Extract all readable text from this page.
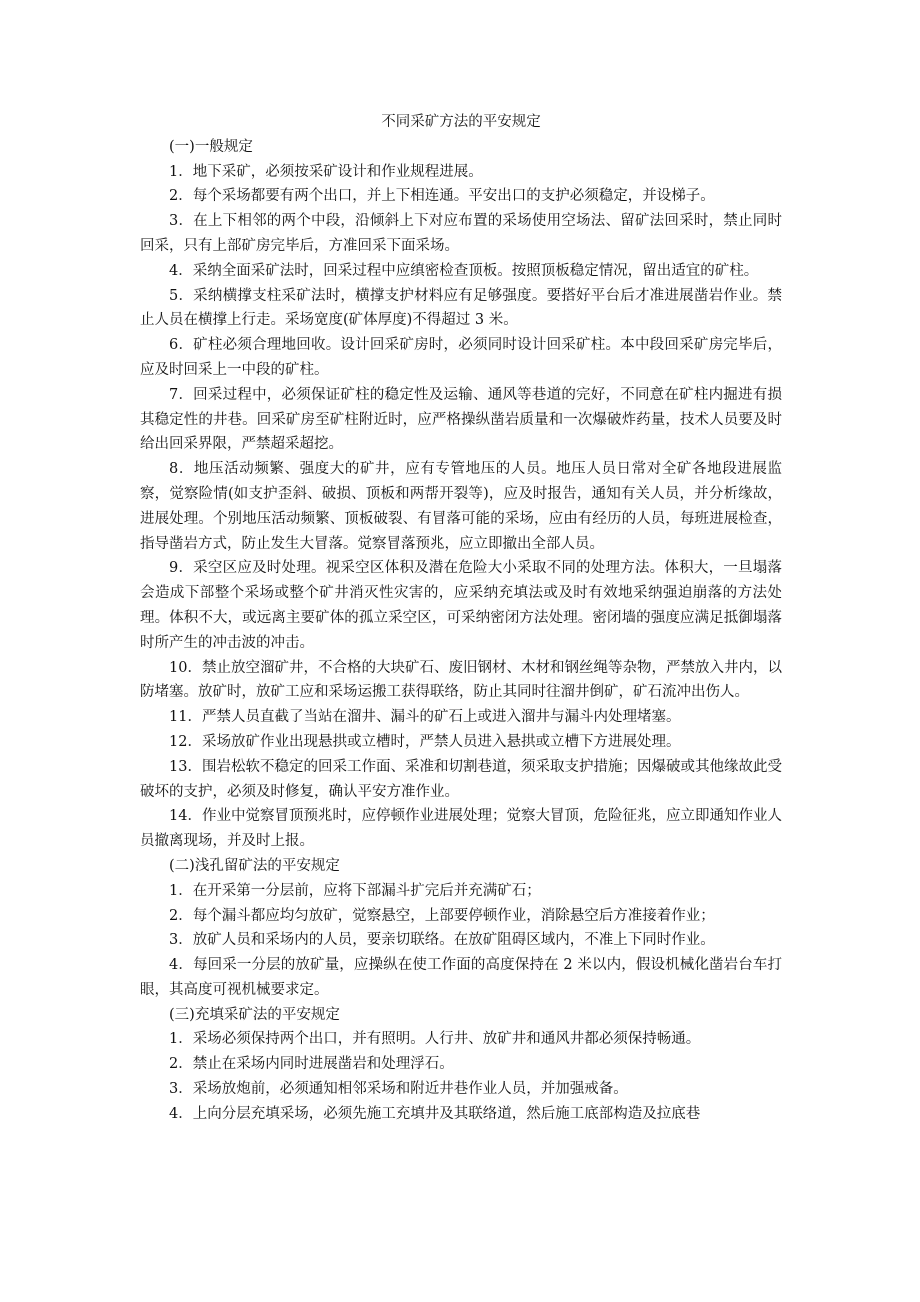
不同采矿方法的平安规定

(一)一般规定

1．地下采矿，必须按采矿设计和作业规程进展。

2．每个采场都要有两个出口，并上下相连通。平安出口的支护必须稳定，并设梯子。

3．在上下相邻的两个中段，沿倾斜上下对应布置的采场使用空场法、留矿法回采时，禁止同时回采，只有上部矿房完毕后，方准回采下面采场。

4．采纳全面采矿法时，回采过程中应缜密检查顶板。按照顶板稳定情况，留出适宜的矿柱。

5．采纳横撑支柱采矿法时，横撑支护材料应有足够强度。要搭好平台后才准进展凿岩作业。禁止人员在横撑上行走。采场宽度(矿体厚度)不得超过 3 米。

6．矿柱必须合理地回收。设计回采矿房时，必须同时设计回采矿柱。本中段回采矿房完毕后，应及时回采上一中段的矿柱。

7．回采过程中，必须保证矿柱的稳定性及运输、通风等巷道的完好，不同意在矿柱内掘进有损其稳定性的井巷。回采矿房至矿柱附近时，应严格操纵凿岩质量和一次爆破炸药量，技术人员要及时给出回采界限，严禁超采超挖。

8．地压活动频繁、强度大的矿井，应有专管地压的人员。地压人员日常对全矿各地段进展监察，觉察险情(如支护歪斜、破损、顶板和两帮开裂等)，应及时报告，通知有关人员，并分析缘故，进展处理。个别地压活动频繁、顶板破裂、有冒落可能的采场，应由有经历的人员，每班进展检查，指导凿岩方式，防止发生大冒落。觉察冒落预兆，应立即撤出全部人员。

9．采空区应及时处理。视采空区体积及潜在危险大小采取不同的处理方法。体积大，一旦塌落会造成下部整个采场或整个矿井消灭性灾害的，应采纳充填法或及时有效地采纳强迫崩落的方法处理。体积不大，或远离主要矿体的孤立采空区，可采纳密闭方法处理。密闭墙的强度应满足抵御塌落时所产生的冲击波的冲击。

10．禁止放空溜矿井，不合格的大块矿石、废旧钢材、木材和钢丝绳等杂物，严禁放入井内，以防堵塞。放矿时，放矿工应和采场运搬工获得联络，防止其同时往溜井倒矿，矿石流冲出伤人。

11．严禁人员直截了当站在溜井、漏斗的矿石上或进入溜井与漏斗内处理堵塞。

12．采场放矿作业出现悬拱或立槽时，严禁人员进入悬拱或立槽下方进展处理。

13．围岩松软不稳定的回采工作面、采准和切割巷道，须采取支护措施；因爆破或其他缘故此受破坏的支护，必须及时修复，确认平安方准作业。

14．作业中觉察冒顶预兆时，应停顿作业进展处理；觉察大冒顶，危险征兆，应立即通知作业人员撤离现场，并及时上报。

(二)浅孔留矿法的平安规定

1．在开采第一分层前，应将下部漏斗扩完后并充满矿石；

2．每个漏斗都应均匀放矿，觉察悬空，上部要停顿作业，消除悬空后方准接着作业；

3．放矿人员和采场内的人员，要亲切联络。在放矿阻碍区域内，不准上下同时作业。

4．每回采一分层的放矿量，应操纵在使工作面的高度保持在 2 米以内，假设机械化凿岩台车打眼，其高度可视机械要求定。

(三)充填采矿法的平安规定

1．采场必须保持两个出口，并有照明。人行井、放矿井和通风井都必须保持畅通。

2．禁止在采场内同时进展凿岩和处理浮石。

3．采场放炮前，必须通知相邻采场和附近井巷作业人员，并加强戒备。

4．上向分层充填采场，必须先施工充填井及其联络道，然后施工底部构造及拉底巷
